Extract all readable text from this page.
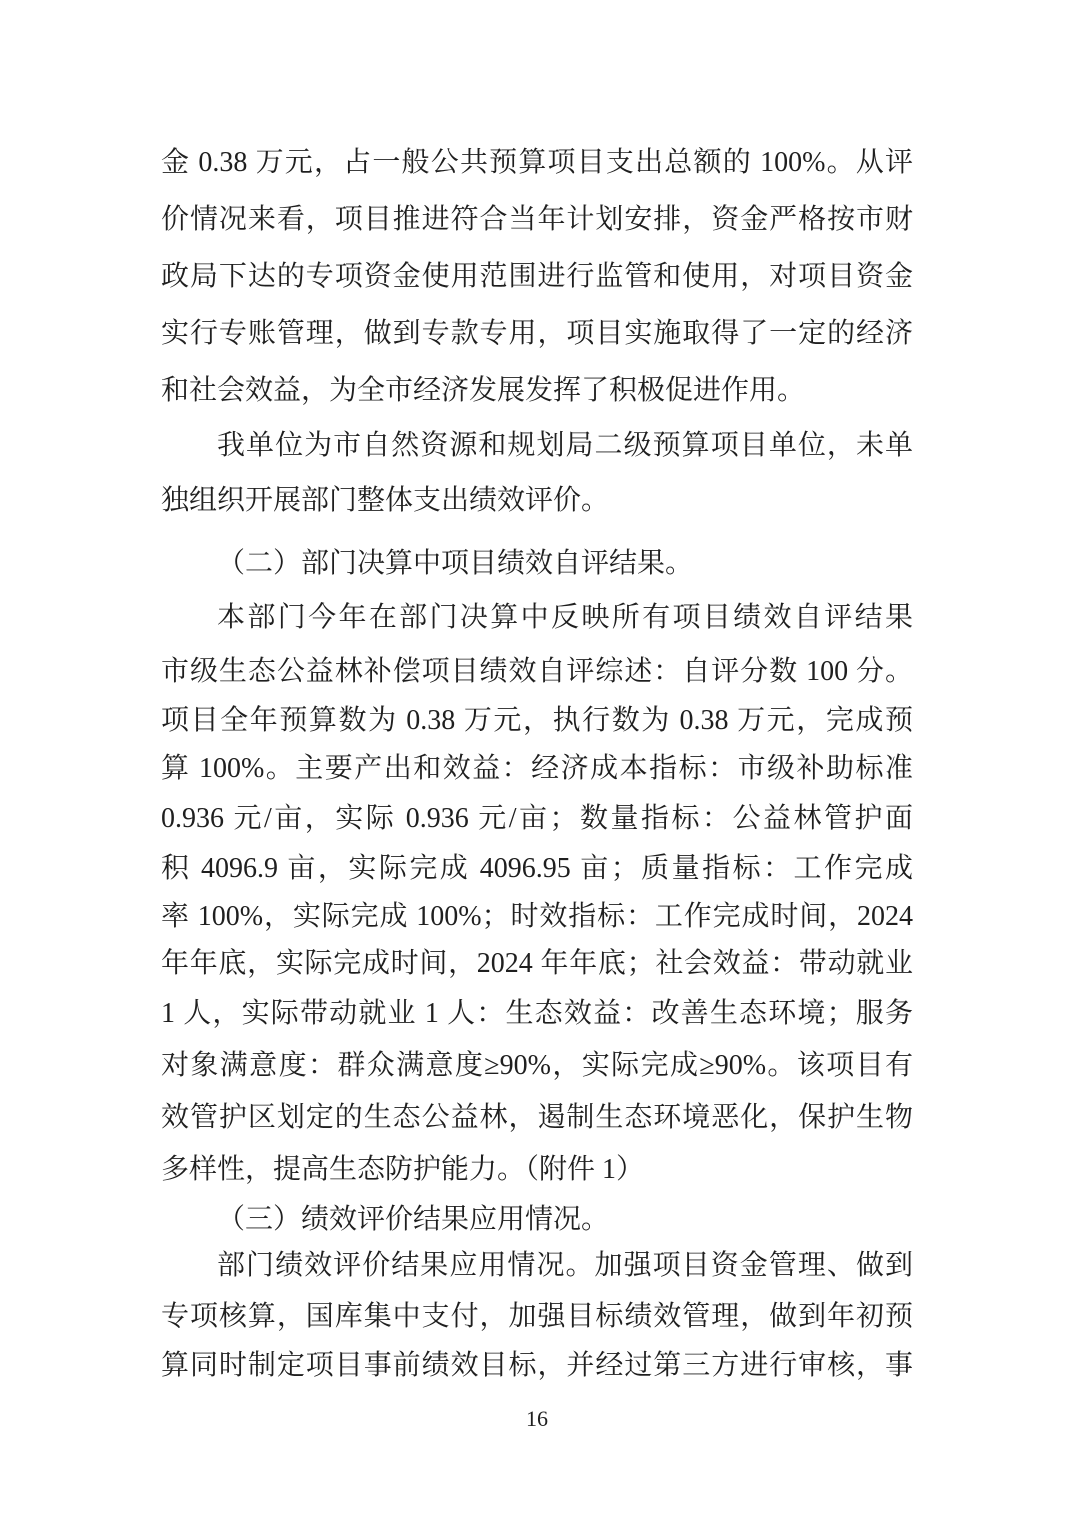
金 0.38 万元，占一般公共预算项目支出总额的 100%。从评
价情况来看，项目推进符合当年计划安排，资金严格按市财
政局下达的专项资金使用范围进行监管和使用，对项目资金
实行专账管理，做到专款专用，项目实施取得了一定的经济
和社会效益，为全市经济发展发挥了积极促进作用。
我单位为市自然资源和规划局二级预算项目单位，未单
独组织开展部门整体支出绩效评价。
（二）部门决算中项目绩效自评结果。
本部门今年在部门决算中反映所有项目绩效自评结果
市级生态公益林补偿项目绩效自评综述：自评分数 100 分。
项目全年预算数为 0.38 万元，执行数为 0.38 万元，完成预
算 100%。主要产出和效益：经济成本指标：市级补助标准
0.936 元/亩，实际 0.936 元/亩；数量指标：公益林管护面
积 4096.9 亩，实际完成 4096.95 亩；质量指标：工作完成
率 100%，实际完成 100%；时效指标：工作完成时间，2024
年年底，实际完成时间，2024 年年底；社会效益：带动就业
1 人，实际带动就业 1 人：生态效益：改善生态环境；服务
对象满意度：群众满意度≥90%，实际完成≥90%。该项目有
效管护区划定的生态公益林，遏制生态环境恶化，保护生物
多样性，提高生态防护能力。（附件 1）
（三）绩效评价结果应用情况。
部门绩效评价结果应用情况。加强项目资金管理、做到
专项核算，国库集中支付，加强目标绩效管理，做到年初预
算同时制定项目事前绩效目标，并经过第三方进行审核，事
16
